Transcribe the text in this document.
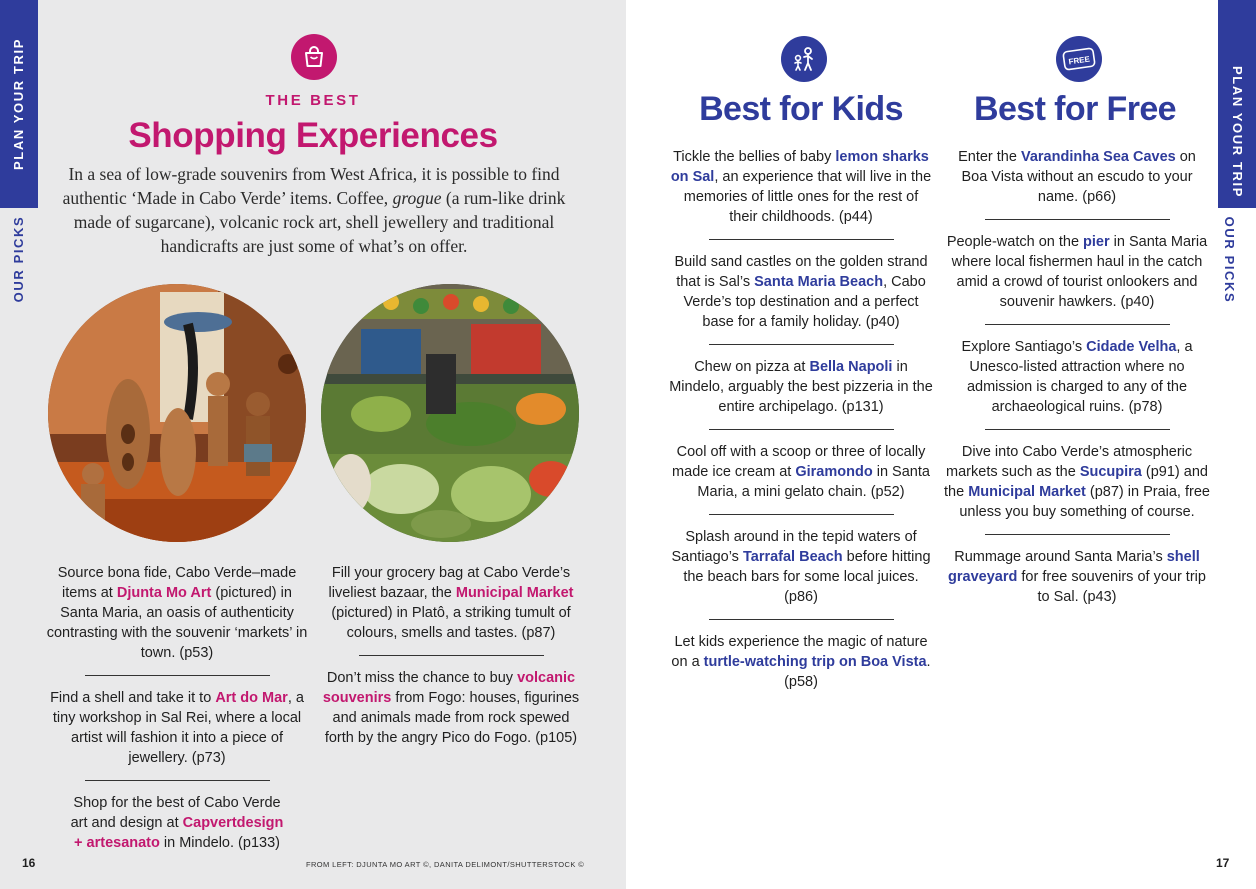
PLAN YOUR TRIP
OUR PICKS
THE BEST
Shopping Experiences
In a sea of low-grade souvenirs from West Africa, it is possible to find authentic ‘Made in Cabo Verde’ items. Coffee, grogue (a rum-like drink made of sugarcane), volcanic rock art, shell jewellery and traditional handicrafts are just some of what’s on offer.

Source bona fide, Cabo Verde–made items at Djunta Mo Art (pictured) in Santa Maria, an oasis of authenticity contrasting with the souvenir ‘markets’ in town. (p53)

Find a shell and take it to Art do Mar, a tiny workshop in Sal Rei, where a local artist will fashion it into a piece of jewellery. (p73)

Shop for the best of Cabo Verde art and design at Capvertdesign + artesanato in Mindelo. (p133)

Fill your grocery bag at Cabo Verde’s liveliest bazaar, the Municipal Market (pictured) in Platô, a striking tumult of colours, smells and tastes. (p87)

Don’t miss the chance to buy volcanic souvenirs from Fogo: houses, figurines and animals made from rock spewed forth by the angry Pico do Fogo. (p105)

16	FROM LEFT: DJUNTA MO ART ©, DANITA DELIMONT/SHUTTERSTOCK ©
PLAN YOUR TRIP
OUR PICKS
FREE
Best for Kids	Best for Free

Tickle the bellies of baby lemon sharks on Sal, an experience that will live in the memories of little ones for the rest of their childhoods. (p44)

Build sand castles on the golden strand that is Sal’s Santa Maria Beach, Cabo Verde’s top destination and a perfect base for a family holiday. (p40)

Chew on pizza at Bella Napoli in Mindelo, arguably the best pizzeria in the entire archipelago. (p131)

Cool off with a scoop or three of locally made ice cream at Giramondo in Santa Maria, a mini gelato chain. (p52)

Splash around in the tepid waters of Santiago’s Tarrafal Beach before hitting the beach bars for some local juices. (p86)

Let kids experience the magic of nature on a turtle-watching trip on Boa Vista. (p58)

Enter the Varandinha Sea Caves on Boa Vista without an escudo to your name. (p66)

People-watch on the pier in Santa Maria where local fishermen haul in the catch amid a crowd of tourist onlookers and souvenir hawkers. (p40)

Explore Santiago’s Cidade Velha, a Unesco-listed attraction where no admission is charged to any of the archaeological ruins. (p78)

Dive into Cabo Verde’s atmospheric markets such as the Sucupira (p91) and the Municipal Market (p87) in Praia, free unless you buy something of course.

Rummage around Santa Maria’s shell graveyard for free souvenirs of your trip to Sal. (p43)

17
